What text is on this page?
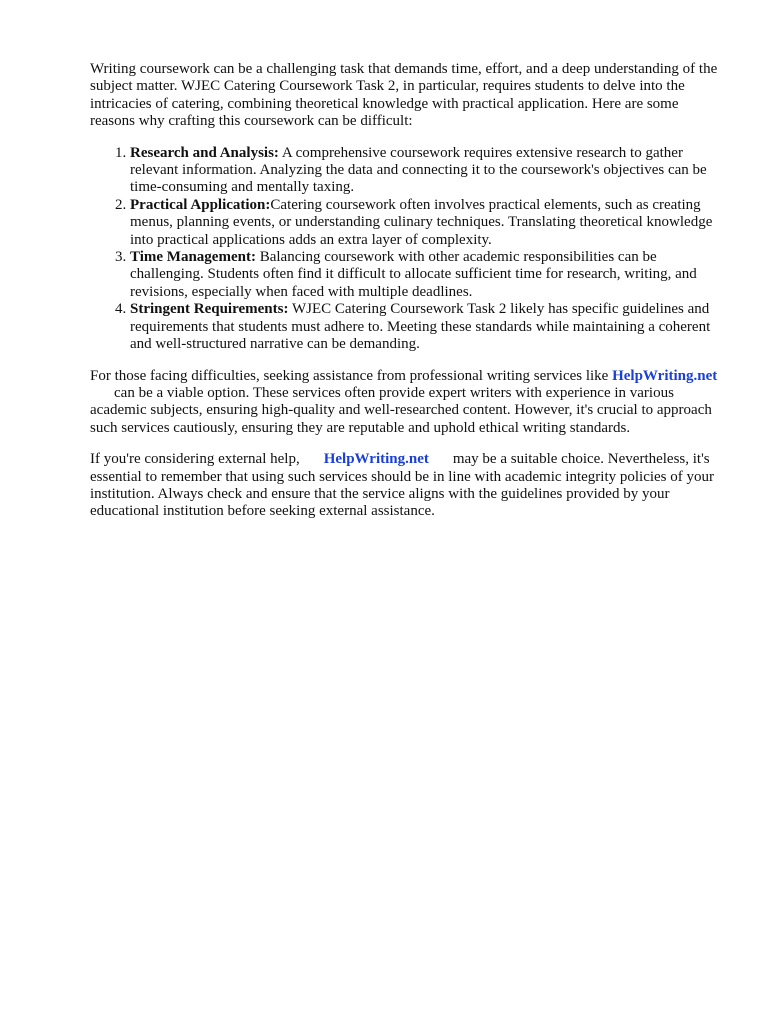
Writing coursework can be a challenging task that demands time, effort, and a deep understanding of the subject matter. WJEC Catering Coursework Task 2, in particular, requires students to delve into the intricacies of catering, combining theoretical knowledge with practical application. Here are some reasons why crafting this coursework can be difficult:

1. Research and Analysis: A comprehensive coursework requires extensive research to gather relevant information. Analyzing the data and connecting it to the coursework's objectives can be time-consuming and mentally taxing.
2. Practical Application:Catering coursework often involves practical elements, such as creating menus, planning events, or understanding culinary techniques. Translating theoretical knowledge into practical applications adds an extra layer of complexity.
3. Time Management: Balancing coursework with other academic responsibilities can be challenging. Students often find it difficult to allocate sufficient time for research, writing, and revisions, especially when faced with multiple deadlines.
4. Stringent Requirements: WJEC Catering Coursework Task 2 likely has specific guidelines and requirements that students must adhere to. Meeting these standards while maintaining a coherent and well-structured narrative can be demanding.

For those facing difficulties, seeking assistance from professional writing services like HelpWriting.netcan be a viable option. These services often provide expert writers with experience in various academic subjects, ensuring high-quality and well-researched content. However, it's crucial to approach such services cautiously, ensuring they are reputable and uphold ethical writing standards.

If you're considering external help, HelpWriting.net may be a suitable choice. Nevertheless, it's essential to remember that using such services should be in line with academic integrity policies of your institution. Always check and ensure that the service aligns with the guidelines provided by your educational institution before seeking external assistance.
